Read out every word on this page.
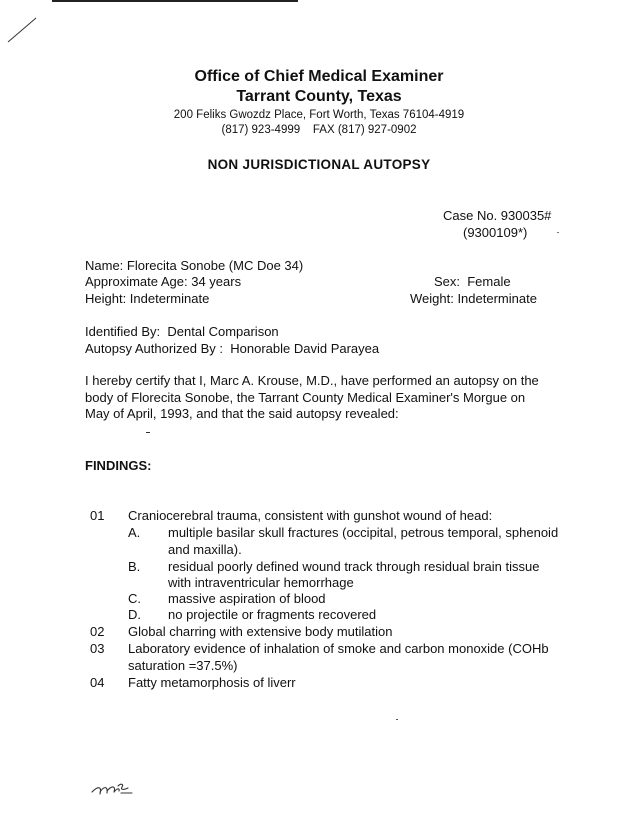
Office of Chief Medical Examiner
Tarrant County, Texas
200 Feliks Gwozdz Place, Fort Worth, Texas 76104-4919
(817) 923-4999    FAX (817) 927-0902
NON JURISDICTIONAL AUTOPSY
Case No. 930035#
(9300109*)
Name: Florecita Sonobe (MC Doe 34)
Approximate Age: 34 years	Sex:  Female
Height: Indeterminate	Weight: Indeterminate
Identified By:  Dental Comparison
Autopsy Authorized By :  Honorable David Parayea

I hereby certify that I, Marc A. Krouse, M.D., have performed an autopsy on the

body of Florecita Sonobe, the Tarrant County Medical Examiner's Morgue on

May of April, 1993, and that the said autopsy revealed:

FINDINGS:
01 Craniocerebral trauma, consistent with gunshot wound of head:
A. multiple basilar skull fractures (occipital, petrous temporal, sphenoid
and maxilla).
B. residual poorly defined wound track through residual brain tissue
with intraventricular hemorrhage
C. massive aspiration of blood
D. no projectile or fragments recovered
02 Global charring with extensive body mutilation
03 Laboratory evidence of inhalation of smoke and carbon monoxide (COHb
saturation =37.5%)
04 Fatty metamorphosis of liverr
